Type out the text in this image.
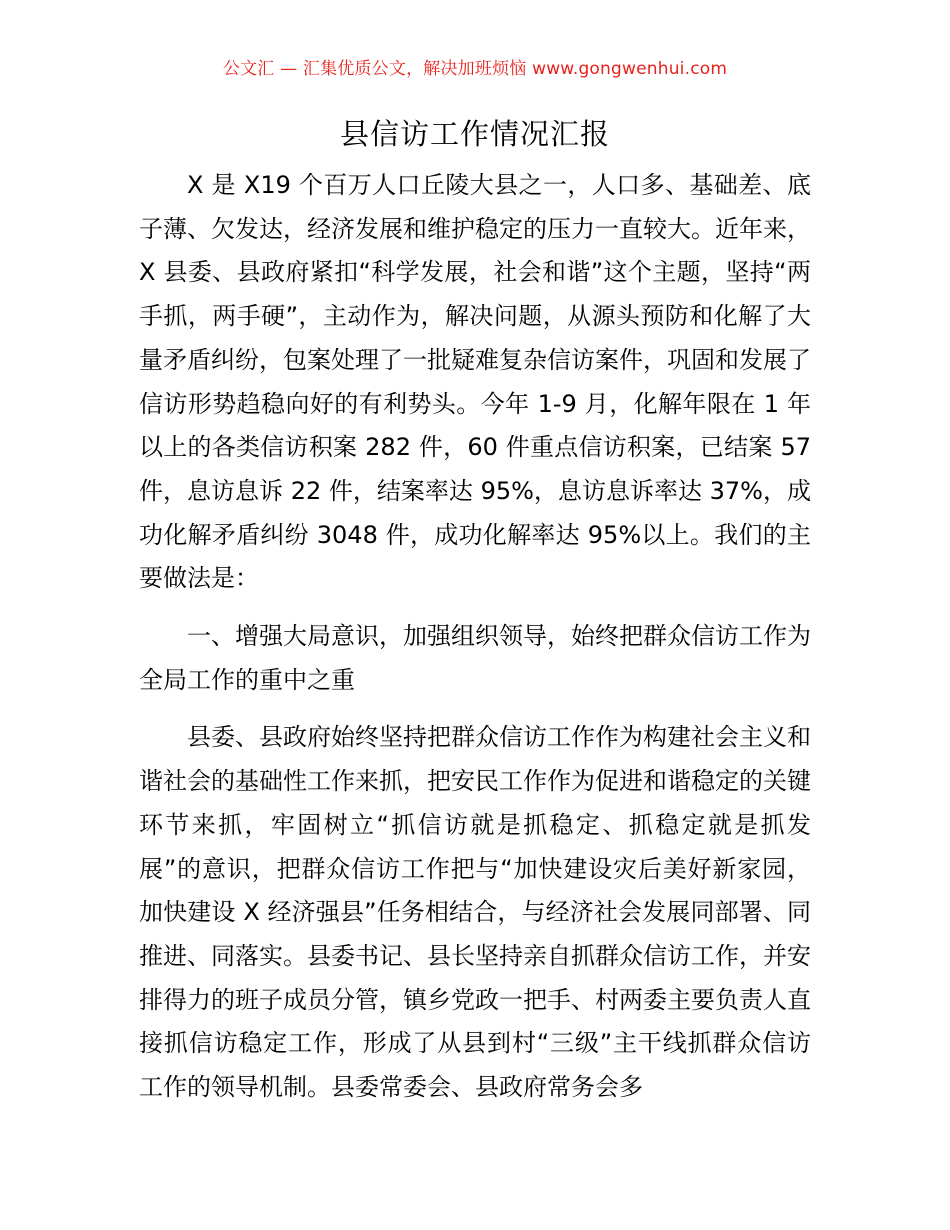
公文汇 — 汇集优质公文，解决加班烦恼 www.gongwenhui.com
县信访工作情况汇报

X 是 X19 个百万人口丘陵大县之一，人口多、基础差、底子薄、欠发达，经济发展和维护稳定的压力一直较大。近年来，X 县委、县政府紧扣“科学发展，社会和谐”这个主题，坚持“两手抓，两手硬”，主动作为，解决问题，从源头预防和化解了大量矛盾纠纷，包案处理了一批疑难复杂信访案件，巩固和发展了信访形势趋稳向好的有利势头。今年 1-9 月，化解年限在 1 年以上的各类信访积案 282 件，60 件重点信访积案，已结案 57 件，息访息诉 22 件，结案率达 95%，息访息诉率达 37%，成功化解矛盾纠纷 3048 件，成功化解率达 95%以上。我们的主要做法是：

一、增强大局意识，加强组织领导，始终把群众信访工作为全局工作的重中之重

县委、县政府始终坚持把群众信访工作作为构建社会主义和谐社会的基础性工作来抓，把安民工作作为促进和谐稳定的关键环节来抓，牢固树立“抓信访就是抓稳定、抓稳定就是抓发展”的意识，把群众信访工作把与“加快建设灾后美好新家园，加快建设 X 经济强县”任务相结合，与经济社会发展同部署、同推进、同落实。县委书记、县长坚持亲自抓群众信访工作，并安排得力的班子成员分管，镇乡党政一把手、村两委主要负责人直接抓信访稳定工作，形成了从县到村“三级”主干线抓群众信访工作的领导机制。县委常委会、县政府常务会多
